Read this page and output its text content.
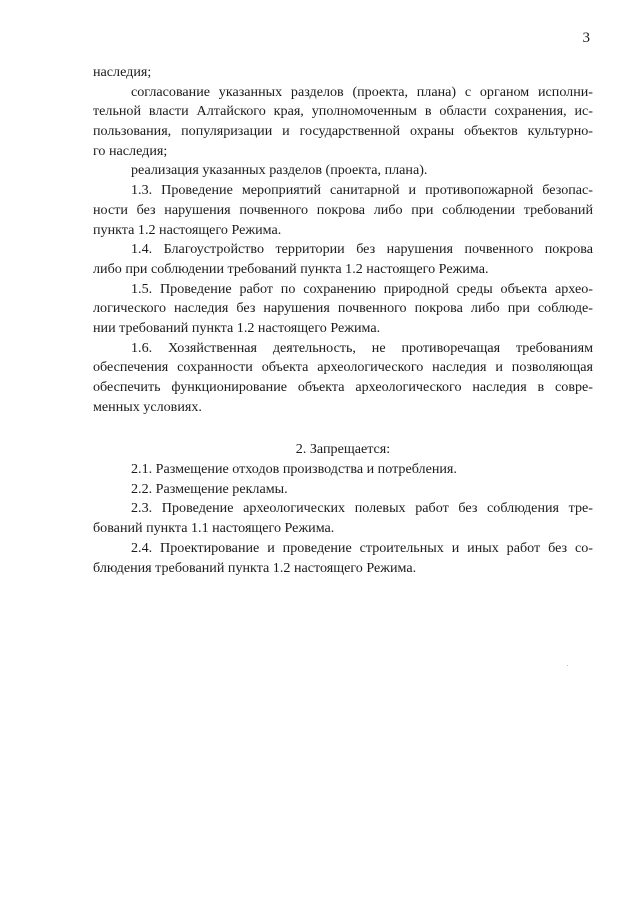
3
наследия;
согласование указанных разделов (проекта, плана) с органом исполни-
тельной власти Алтайского края, уполномоченным в области сохранения, ис-
пользования, популяризации и государственной охраны объектов культурно-
го наследия;
реализация указанных разделов (проекта, плана).
1.3. Проведение мероприятий санитарной и противопожарной безопас-
ности без нарушения почвенного покрова либо при соблюдении требований
пункта 1.2 настоящего Режима.
1.4. Благоустройство территории без нарушения почвенного покрова
либо при соблюдении требований пункта 1.2 настоящего Режима.
1.5. Проведение работ по сохранению природной среды объекта архео-
логического наследия без нарушения почвенного покрова либо при соблюде-
нии требований пункта 1.2 настоящего Режима.
1.6. Хозяйственная деятельность, не противоречащая требованиям
обеспечения сохранности объекта археологического наследия и позволяющая
обеспечить функционирование объекта археологического наследия в совре-
менных условиях.
2. Запрещается:
2.1. Размещение отходов производства и потребления.
2.2. Размещение рекламы.
2.3. Проведение археологических полевых работ без соблюдения тре-
бований пункта 1.1 настоящего Режима.
2.4. Проектирование и проведение строительных и иных работ без со-
блюдения требований пункта 1.2 настоящего Режима.
